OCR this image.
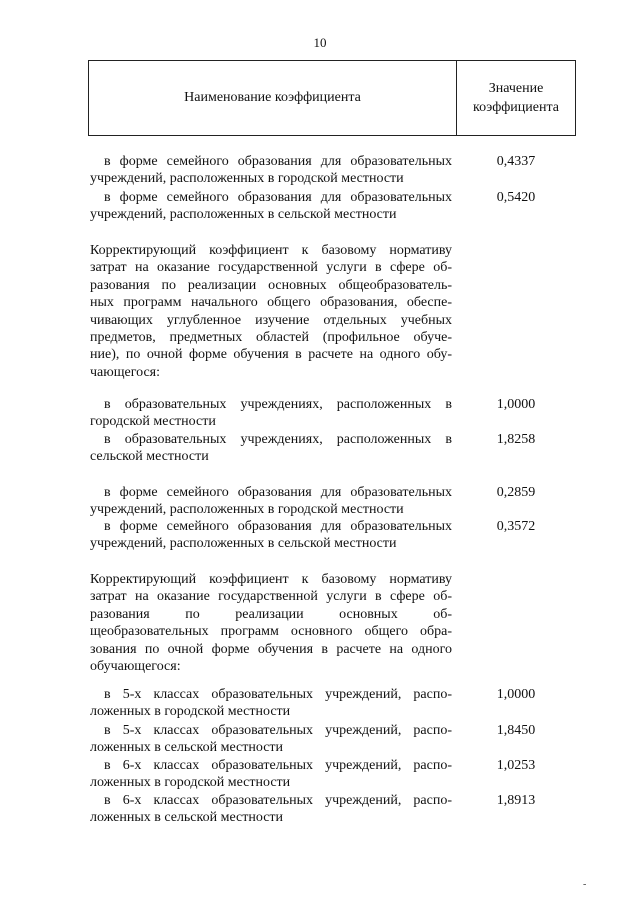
10
Наименование коэффициента
Значение
коэффициента
в форме семейного образования для образовательных
учреждений, расположенных в городской местности
0,4337
в форме семейного образования для образовательных
учреждений, расположенных в сельской местности
0,5420
Корректирующий коэффициент к базовому нормативу
затрат на оказание государственной услуги в сфере об-
разования по реализации основных общеобразователь-
ных программ начального общего образования, обеспе-
чивающих углубленное изучение отдельных учебных
предметов, предметных областей (профильное обуче-
ние), по очной форме обучения в расчете на одного обу-
чающегося:
в образовательных учреждениях, расположенных в
городской местности
1,0000
в образовательных учреждениях, расположенных в
сельской местности
1,8258
в форме семейного образования для образовательных
учреждений, расположенных в городской местности
0,2859
в форме семейного образования для образовательных
учреждений, расположенных в сельской местности
0,3572
Корректирующий коэффициент к базовому нормативу
затрат на оказание государственной услуги в сфере об-
разования по реализации основных об-
щеобразовательных программ основного общего обра-
зования по очной форме обучения в расчете на одного
обучающегося:
в 5-х классах образовательных учреждений, распо-
ложенных в городской местности
1,0000
в 5-х классах образовательных учреждений, распо-
ложенных в сельской местности
1,8450
в 6-х классах образовательных учреждений, распо-
ложенных в городской местности
1,0253
в 6-х классах образовательных учреждений, распо-
ложенных в сельской местности
1,8913
-
